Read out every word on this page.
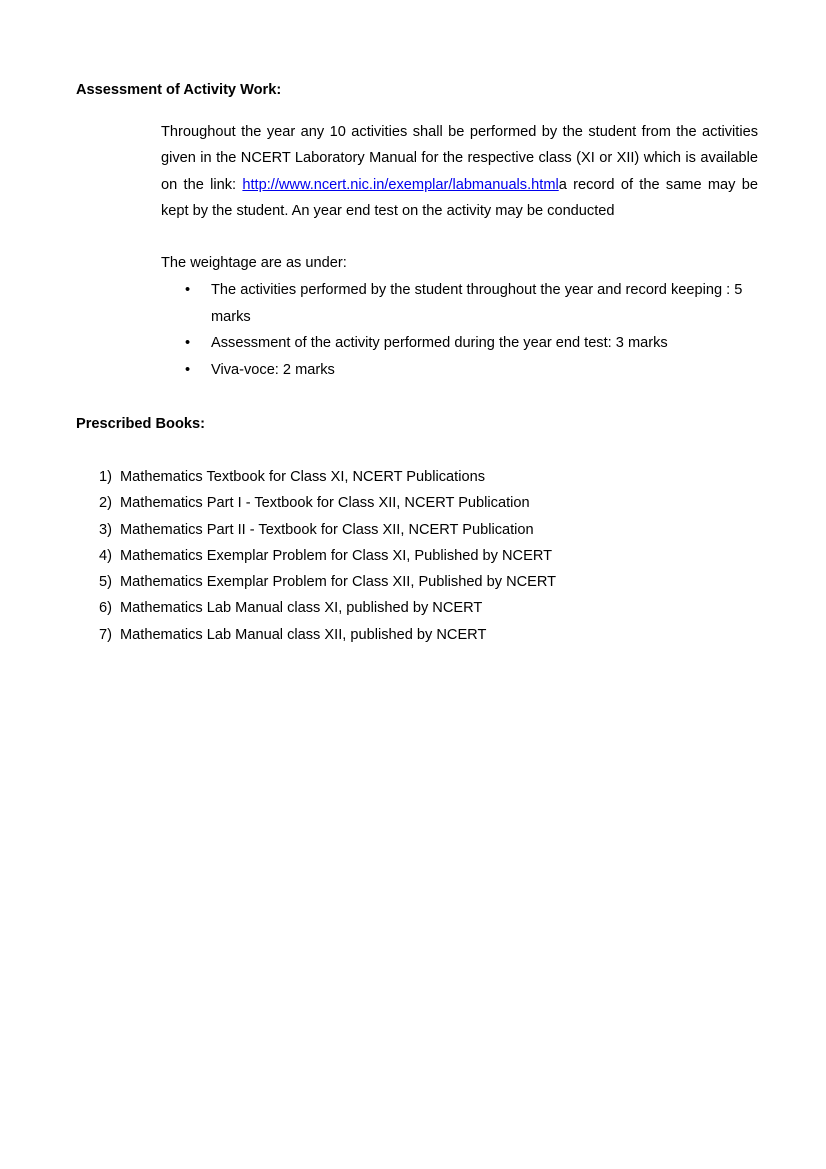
Assessment of Activity Work:

Throughout the year any 10 activities shall be performed by the student from the activities given in the NCERT Laboratory Manual for the respective class (XI or XII) which is available on the link: http://www.ncert.nic.in/exemplar/labmanuals.htmla record of the same may be kept by the student. An year end test on the activity may be conducted

The weightage are as under:

• The activities performed by the student throughout the year and record keeping : 5 marks
• Assessment of the activity performed during the year end test: 3 marks
• Viva-voce: 2 marks
Prescribed Books:
1) Mathematics Textbook for Class XI, NCERT Publications
2) Mathematics Part I - Textbook for Class XII, NCERT Publication
3) Mathematics Part II - Textbook for Class XII, NCERT Publication
4) Mathematics Exemplar Problem for Class XI, Published by NCERT
5) Mathematics Exemplar Problem for Class XII, Published by NCERT
6) Mathematics Lab Manual class XI, published by NCERT
7) Mathematics Lab Manual class XII, published by NCERT
